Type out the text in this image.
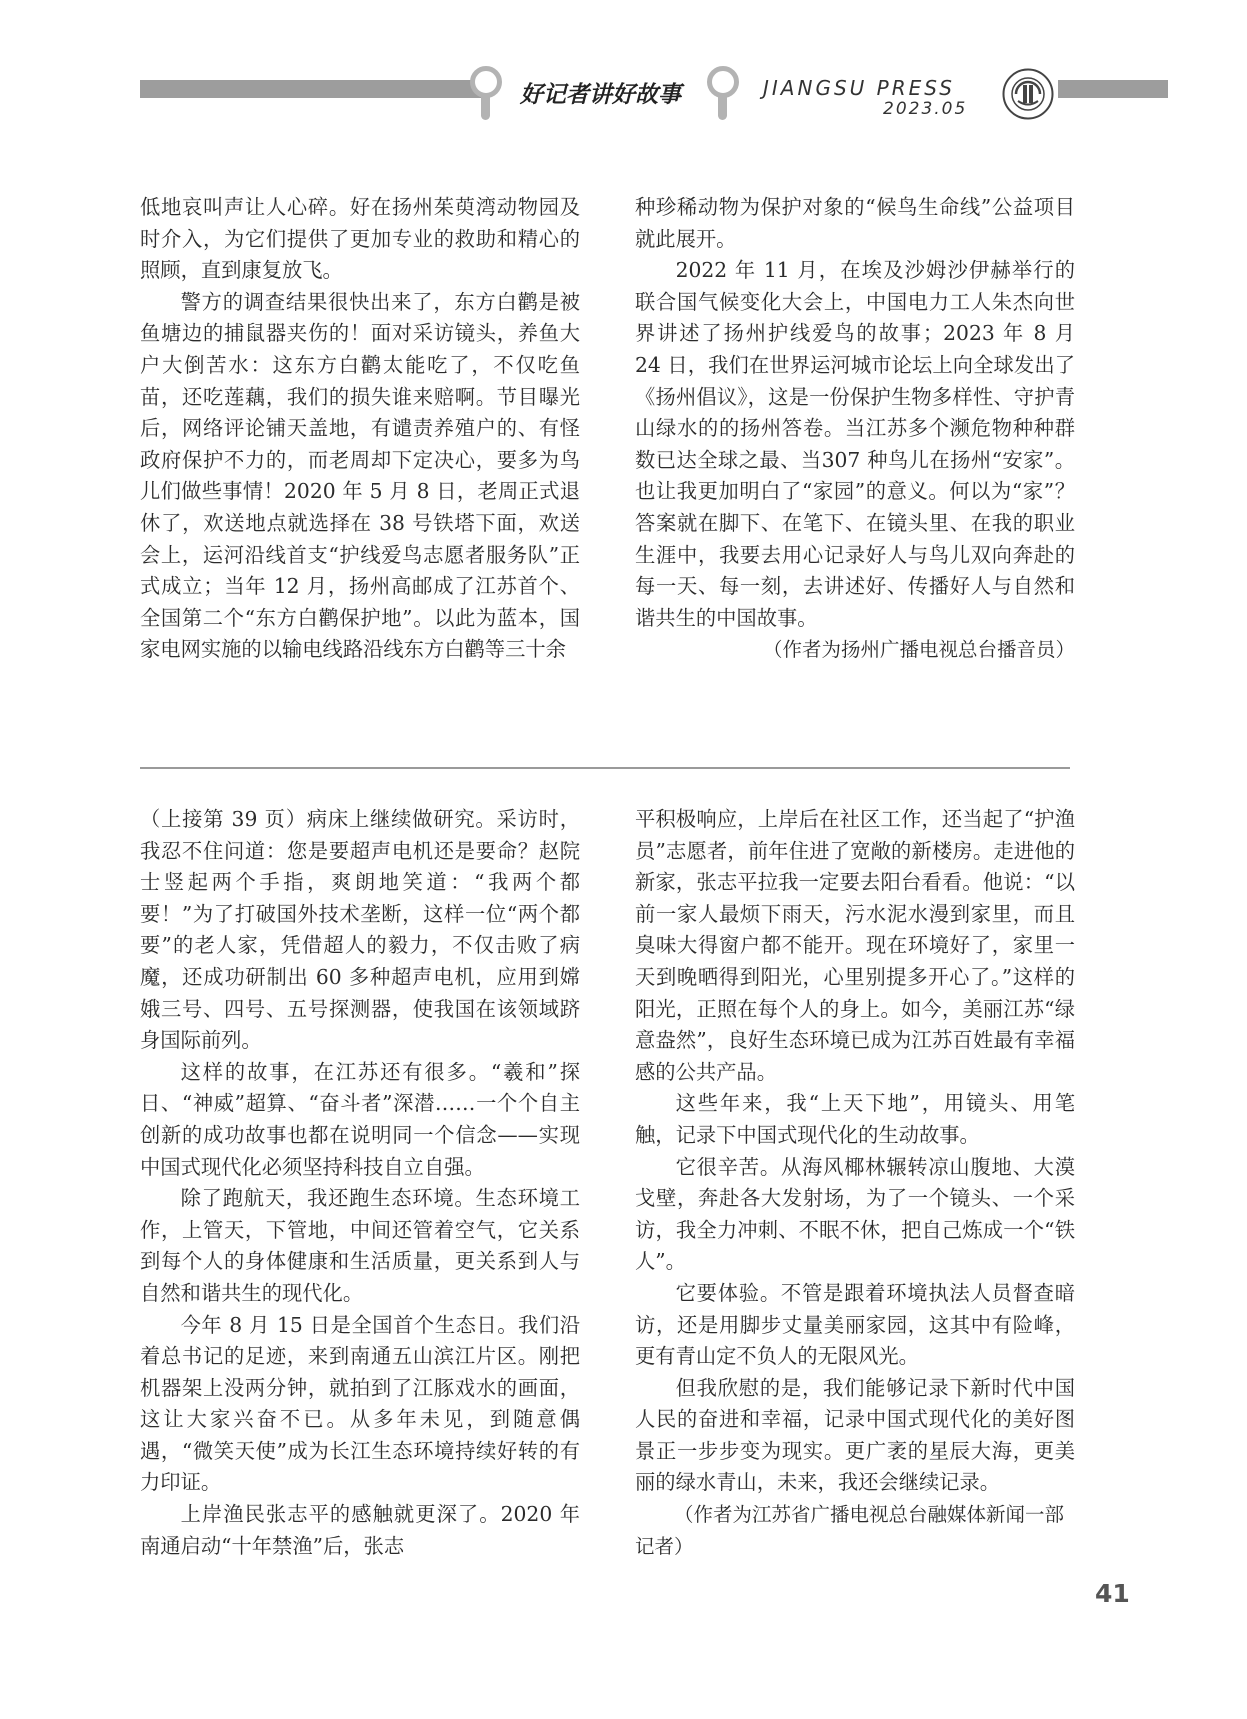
好记者讲好故事	JIANGSU PRESS
2023.05

低地哀叫声让人心碎。好在扬州茱萸湾动物园及时介入，为它们提供了更加专业的救助和精心的照顾，直到康复放飞。

警方的调查结果很快出来了，东方白鹳是被鱼塘边的捕鼠器夹伤的！面对采访镜头，养鱼大户大倒苦水：这东方白鹳太能吃了，不仅吃鱼苗，还吃莲藕，我们的损失谁来赔啊。节目曝光后，网络评论铺天盖地，有谴责养殖户的、有怪政府保护不力的，而老周却下定决心，要多为鸟儿们做些事情！2020 年 5 月 8 日，老周正式退休了，欢送地点就选择在 38 号铁塔下面，欢送会上，运河沿线首支“护线爱鸟志愿者服务队”正式成立；当年 12 月，扬州高邮成了江苏首个、全国第二个“东方白鹳保护地”。以此为蓝本，国家电网实施的以输电线路沿线东方白鹳等三十余

种珍稀动物为保护对象的“候鸟生命线”公益项目就此展开。

2022 年 11 月，在埃及沙姆沙伊赫举行的联合国气候变化大会上，中国电力工人朱杰向世界讲述了扬州护线爱鸟的故事；2023 年 8 月 24 日，我们在世界运河城市论坛上向全球发出了《扬州倡议》，这是一份保护生物多样性、守护青山绿水的的扬州答卷。当江苏多个濒危物种种群数已达全球之最、当307 种鸟儿在扬州“安家”。也让我更加明白了“家园”的意义。何以为“家”？答案就在脚下、在笔下、在镜头里、在我的职业生涯中，我要去用心记录好人与鸟儿双向奔赴的每一天、每一刻，去讲述好、传播好人与自然和谐共生的中国故事。

（作者为扬州广播电视总台播音员）

（上接第 39 页）病床上继续做研究。采访时，我忍不住问道：您是要超声电机还是要命？赵院士竖起两个手指，爽朗地笑道：“我两个都要！”为了打破国外技术垄断，这样一位“两个都要”的老人家，凭借超人的毅力，不仅击败了病魔，还成功研制出 60 多种超声电机，应用到嫦娥三号、四号、五号探测器，使我国在该领域跻身国际前列。

这样的故事，在江苏还有很多。“羲和”探日、“神威”超算、“奋斗者”深潜……一个个自主创新的成功故事也都在说明同一个信念——实现中国式现代化必须坚持科技自立自强。

除了跑航天，我还跑生态环境。生态环境工作，上管天，下管地，中间还管着空气，它关系到每个人的身体健康和生活质量，更关系到人与自然和谐共生的现代化。

今年 8 月 15 日是全国首个生态日。我们沿着总书记的足迹，来到南通五山滨江片区。刚把机器架上没两分钟，就拍到了江豚戏水的画面，这让大家兴奋不已。从多年未见，到随意偶遇，“微笑天使”成为长江生态环境持续好转的有力印证。

上岸渔民张志平的感触就更深了。2020 年南通启动“十年禁渔”后，张志

平积极响应，上岸后在社区工作，还当起了“护渔员”志愿者，前年住进了宽敞的新楼房。走进他的新家，张志平拉我一定要去阳台看看。他说：“以前一家人最烦下雨天，污水泥水漫到家里，而且臭味大得窗户都不能开。现在环境好了，家里一天到晚晒得到阳光，心里别提多开心了。”这样的阳光，正照在每个人的身上。如今，美丽江苏“绿意盎然”，良好生态环境已成为江苏百姓最有幸福感的公共产品。

这些年来，我“上天下地”，用镜头、用笔触，记录下中国式现代化的生动故事。

它很辛苦。从海风椰林辗转凉山腹地、大漠戈壁，奔赴各大发射场，为了一个镜头、一个采访，我全力冲刺、不眠不休，把自己炼成一个“铁人”。

它要体验。不管是跟着环境执法人员督查暗访，还是用脚步丈量美丽家园，这其中有险峰，更有青山定不负人的无限风光。

但我欣慰的是，我们能够记录下新时代中国人民的奋进和幸福，记录中国式现代化的美好图景正一步步变为现实。更广袤的星辰大海，更美丽的绿水青山，未来，我还会继续记录。

（作者为江苏省广播电视总台融媒体新闻一部记者）

41
